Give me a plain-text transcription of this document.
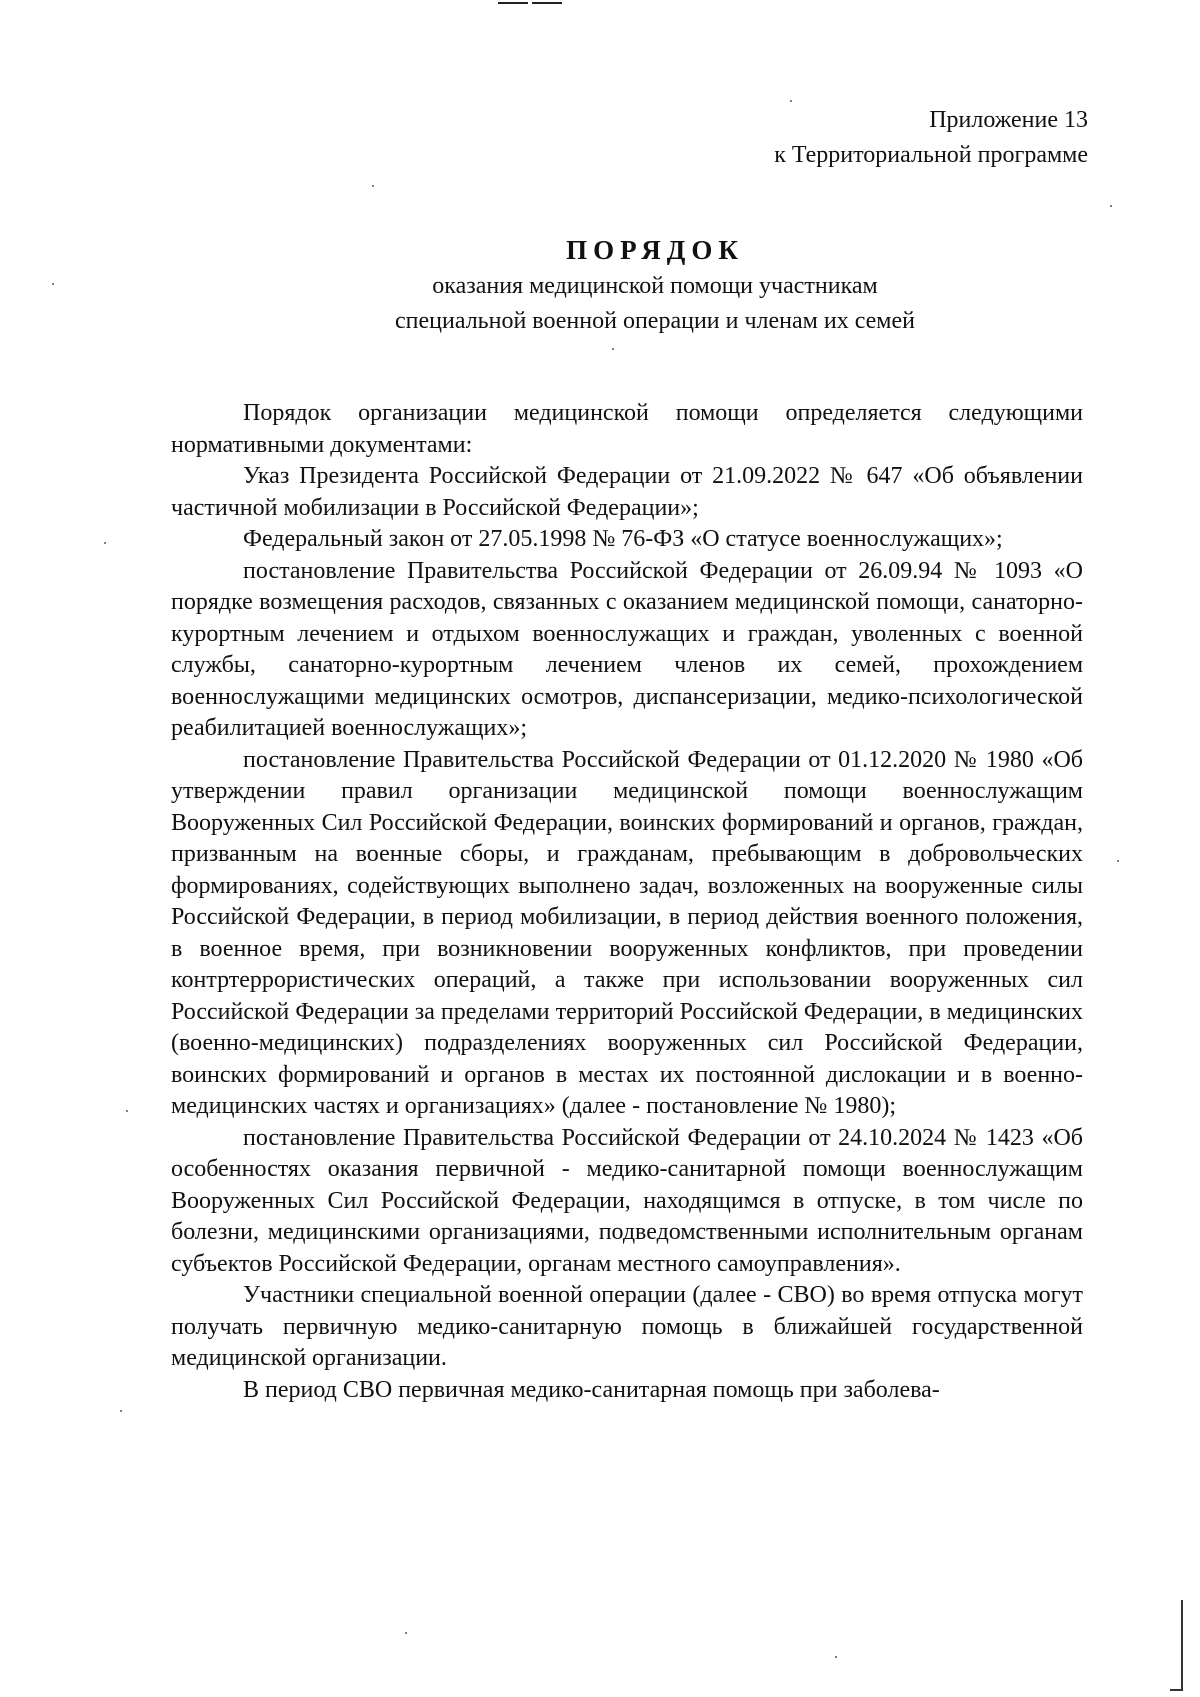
Приложение 13
к Территориальной программе
ПОРЯДОК
оказания медицинской помощи участникам
специальной военной операции и членам их семей

Порядок организации медицинской помощи определяется следующими нормативными документами:

Указ Президента Российской Федерации от 21.09.2022 № 647 «Об объявлении частичной мобилизации в Российской Федерации»;

Федеральный закон от 27.05.1998 № 76-ФЗ «О статусе военнослужащих»;

постановление Правительства Российской Федерации от 26.09.94 № 1093 «О порядке возмещения расходов, связанных с оказанием медицинской помощи, санаторно-курортным лечением и отдыхом военнослужащих и граждан, уволенных с военной службы, санаторно-курортным лечением членов их семей, прохождением военнослужащими медицинских осмотров, диспансеризации, медико-психологической реабилитацией военнослужащих»;

постановление Правительства Российской Федерации от 01.12.2020 № 1980 «Об утверждении правил организации медицинской помощи военнослужащим Вооруженных Сил Российской Федерации, воинских формирований и органов, граждан, призванным на военные сборы, и гражданам, пребывающим в добровольческих формированиях, содействующих выполнено задач, возложенных на вооруженные силы Российской Федерации, в период мобилизации, в период действия военного положения, в военное время, при возникновении вооруженных конфликтов, при проведении контртеррористических операций, а также при использовании вооруженных сил Российской Федерации за пределами территорий Российской Федерации, в медицинских (военно-медицинских) подразделениях вооруженных сил Российской Федерации, воинских формирований и органов в местах их постоянной дислокации и в военно-медицинских частях и организациях» (далее - постановление № 1980);

постановление Правительства Российской Федерации от 24.10.2024 № 1423 «Об особенностях оказания первичной - медико-санитарной помощи военнослужащим Вооруженных Сил Российской Федерации, находящимся в отпуске, в том числе по болезни, медицинскими организациями, подведомственными исполнительным органам субъектов Российской Федерации, органам местного самоуправления».

Участники специальной военной операции (далее - СВО) во время отпуска могут получать первичную медико-санитарную помощь в ближайшей государственной медицинской организации.

В период СВО первичная медико-санитарная помощь при заболева-
